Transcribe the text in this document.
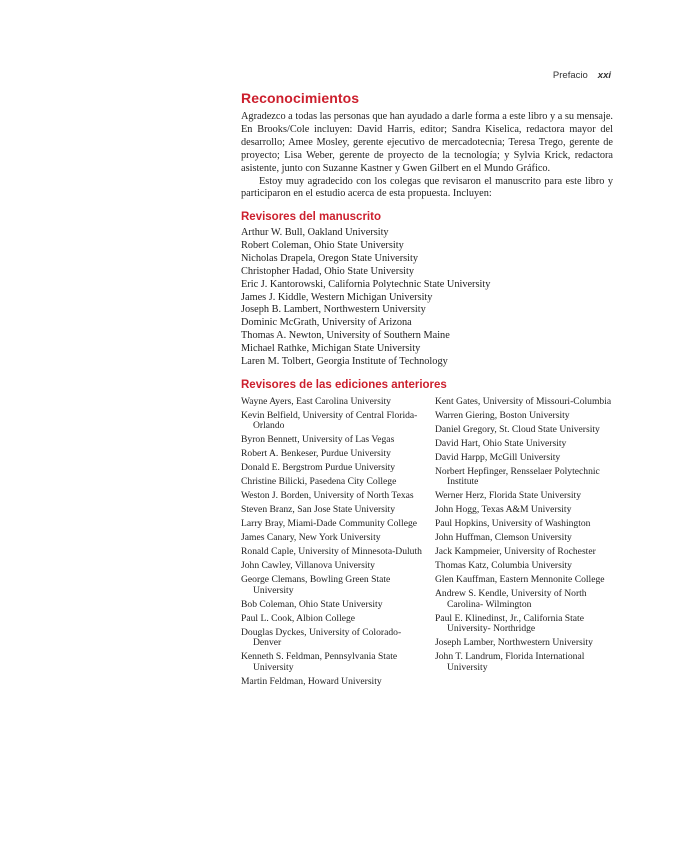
Prefacio xxi
Reconocimientos

Agradezco a todas las personas que han ayudado a darle forma a este libro y a su mensaje. En Brooks/Cole incluyen: David Harris, editor; Sandra Kiselica, redactora mayor del desarrollo; Amee Mosley, gerente ejecutivo de mercadotecnia; Teresa Trego, gerente de proyecto; Lisa Weber, gerente de proyecto de la tecnología; y Sylvia Krick, redactora asistente, junto con Suzanne Kastner y Gwen Gilbert en el Mundo Gráfico.

Estoy muy agradecido con los colegas que revisaron el manuscrito para este libro y participaron en el estudio acerca de esta propuesta. Incluyen:

Revisores del manuscrito
Arthur W. Bull, Oakland University
Robert Coleman, Ohio State University
Nicholas Drapela, Oregon State University
Christopher Hadad, Ohio State University
Eric J. Kantorowski, California Polytechnic State University
James J. Kiddle, Western Michigan University
Joseph B. Lambert, Northwestern University
Dominic McGrath, University of Arizona
Thomas A. Newton, University of Southern Maine
Michael Rathke, Michigan State University
Laren M. Tolbert, Georgia Institute of Technology
Revisores de las ediciones anteriores
Wayne Ayers, East Carolina University
Kevin Belfield, University of Central Florida-Orlando
Byron Bennett, University of Las Vegas
Robert A. Benkeser, Purdue University
Donald E. Bergstrom Purdue University
Christine Bilicki, Pasedena City College
Weston J. Borden, University of North Texas
Steven Branz, San Jose State University
Larry Bray, Miami-Dade Community College
James Canary, New York University
Ronald Caple, University of Minnesota-Duluth
John Cawley, Villanova University
George Clemans, Bowling Green State University
Bob Coleman, Ohio State University
Paul L. Cook, Albion College
Douglas Dyckes, University of Colorado-Denver
Kenneth S. Feldman, Pennsylvania State University
Martin Feldman, Howard University
Kent Gates, University of Missouri-Columbia
Warren Giering, Boston University
Daniel Gregory, St. Cloud State University
David Hart, Ohio State University
David Harpp, McGill University
Norbert Hepfinger, Rensselaer Polytechnic Institute
Werner Herz, Florida State University
John Hogg, Texas A&M University
Paul Hopkins, University of Washington
John Huffman, Clemson University
Jack Kampmeier, University of Rochester
Thomas Katz, Columbia University
Glen Kauffman, Eastern Mennonite College
Andrew S. Kendle, University of North Carolina- Wilmington
Paul E. Klinedinst, Jr., California State University- Northridge
Joseph Lamber, Northwestern University
John T. Landrum, Florida International University
